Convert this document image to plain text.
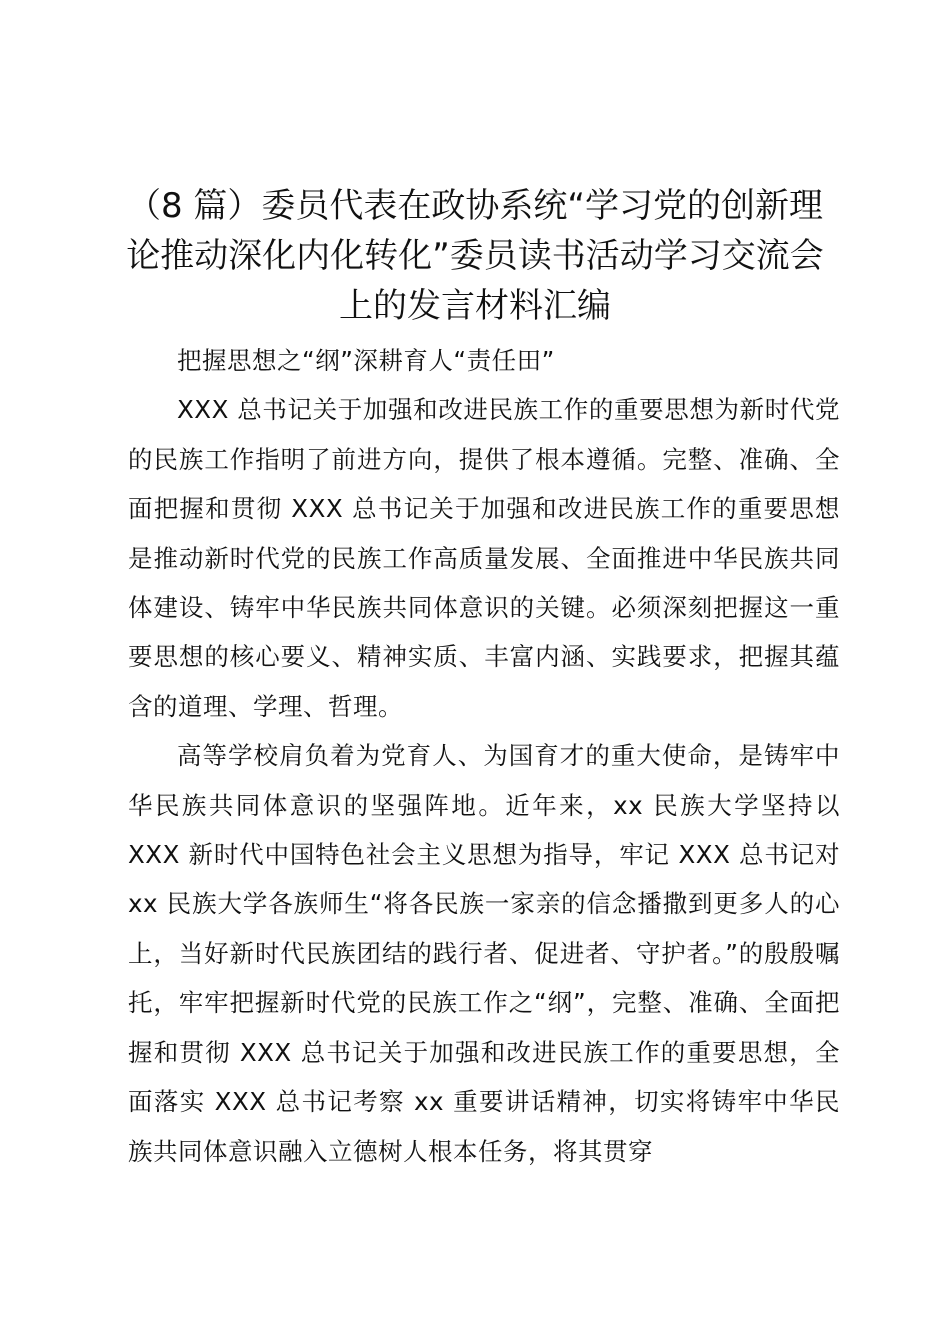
（8 篇）委员代表在政协系统“学习党的创新理论推动深化内化转化”委员读书活动学习交流会上的发言材料汇编

把握思想之“纲”深耕育人“责任田”

XXX 总书记关于加强和改进民族工作的重要思想为新时代党的民族工作指明了前进方向，提供了根本遵循。完整、准确、全面把握和贯彻 XXX 总书记关于加强和改进民族工作的重要思想是推动新时代党的民族工作高质量发展、全面推进中华民族共同体建设、铸牢中华民族共同体意识的关键。必须深刻把握这一重要思想的核心要义、精神实质、丰富内涵、实践要求，把握其蕴含的道理、学理、哲理。

高等学校肩负着为党育人、为国育才的重大使命，是铸牢中华民族共同体意识的坚强阵地。近年来，xx 民族大学坚持以 XXX 新时代中国特色社会主义思想为指导，牢记 XXX 总书记对 xx 民族大学各族师生“将各民族一家亲的信念播撒到更多人的心上，当好新时代民族团结的践行者、促进者、守护者。”的殷殷嘱托，牢牢把握新时代党的民族工作之“纲”，完整、准确、全面把握和贯彻 XXX 总书记关于加强和改进民族工作的重要思想，全面落实 XXX 总书记考察 xx 重要讲话精神，切实将铸牢中华民族共同体意识融入立德树人根本任务，将其贯穿
